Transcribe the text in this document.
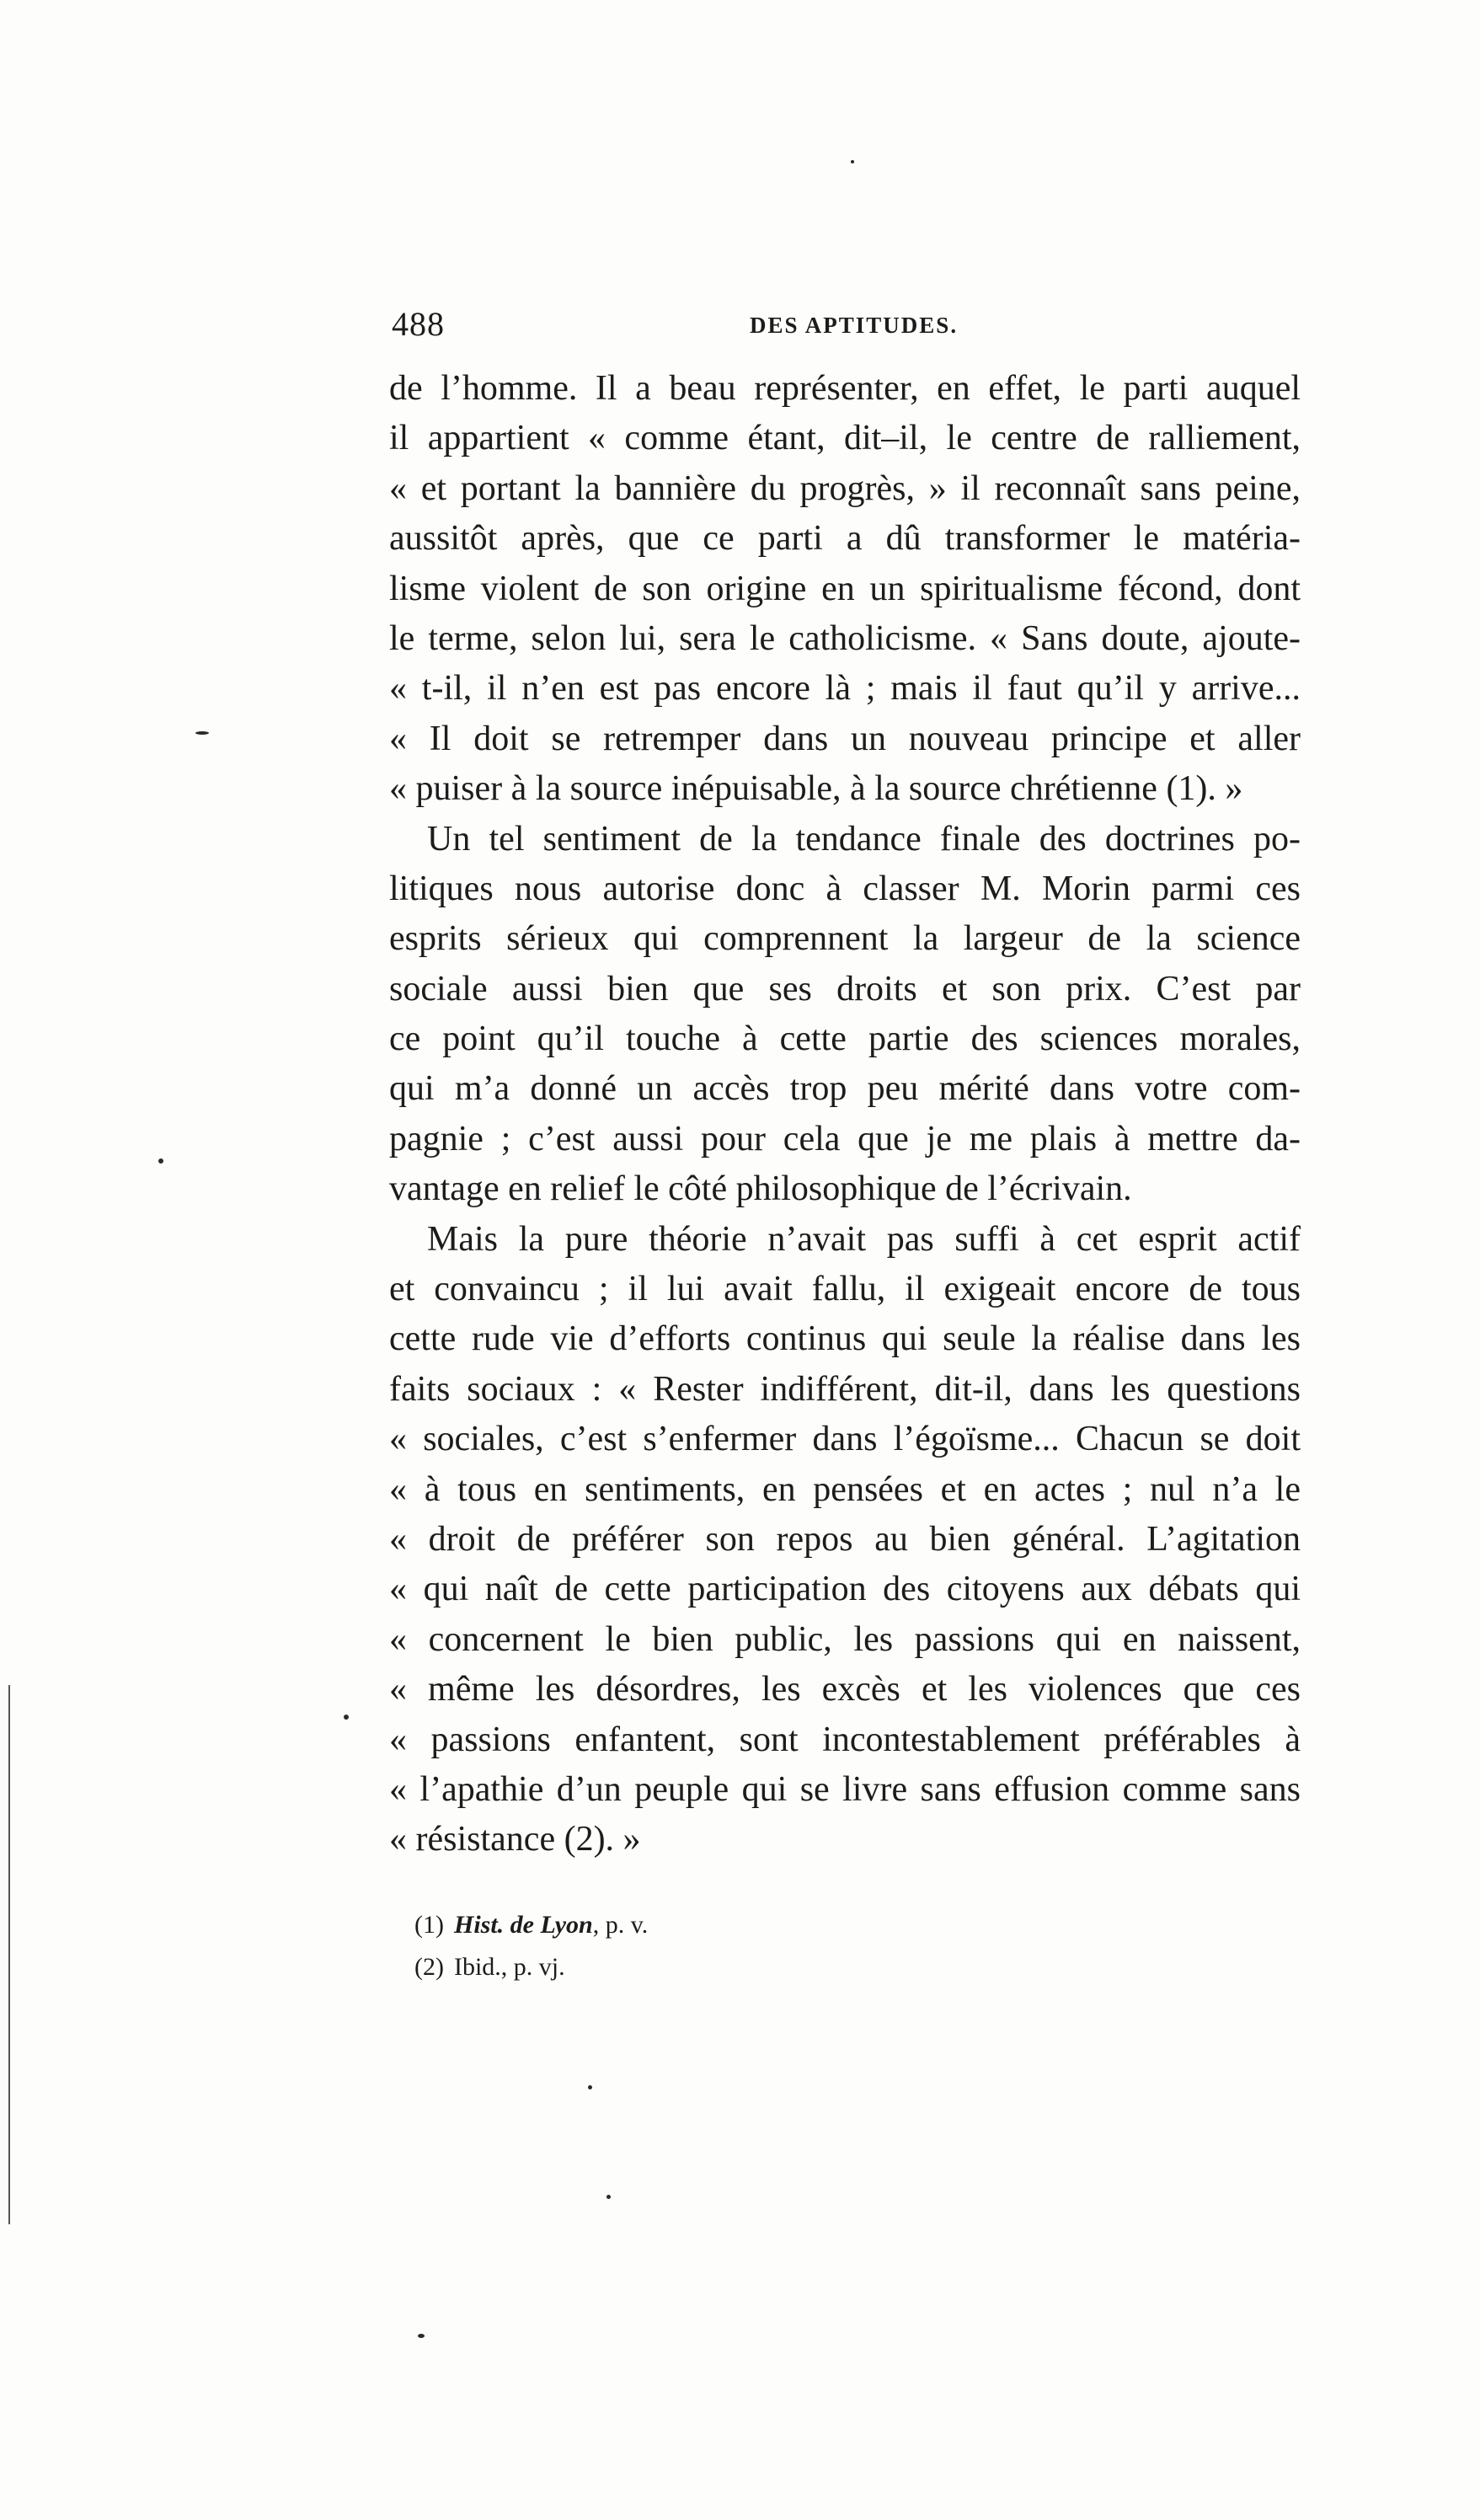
488	DES APTITUDES.
de l’homme. Il a beau représenter, en effet, le parti auquel
il appartient « comme étant, dit–il, le centre de ralliement,
« et portant la bannière du progrès, » il reconnaît sans peine,
aussitôt après, que ce parti a dû transformer le matéria-
lisme violent de son origine en un spiritualisme fécond, dont
le terme, selon lui, sera le catholicisme. « Sans doute, ajoute-
« t-il, il n’en est pas encore là ; mais il faut qu’il y arrive...
« Il doit se retremper dans un nouveau principe et aller
« puiser à la source inépuisable, à la source chrétienne (1). »
Un tel sentiment de la tendance finale des doctrines po-
litiques nous autorise donc à classer M. Morin parmi ces
esprits sérieux qui comprennent la largeur de la science
sociale aussi bien que ses droits et son prix. C’est par
ce point qu’il touche à cette partie des sciences morales,
qui m’a donné un accès trop peu mérité dans votre com-
pagnie ; c’est aussi pour cela que je me plais à mettre da-
vantage en relief le côté philosophique de l’écrivain.
Mais la pure théorie n’avait pas suffi à cet esprit actif
et convaincu ; il lui avait fallu, il exigeait encore de tous
cette rude vie d’efforts continus qui seule la réalise dans les
faits sociaux : « Rester indifférent, dit-il, dans les questions
« sociales, c’est s’enfermer dans l’égoïsme... Chacun se doit
« à tous en sentiments, en pensées et en actes ; nul n’a le
« droit de préférer son repos au bien général. L’agitation
« qui naît de cette participation des citoyens aux débats qui
« concernent le bien public, les passions qui en naissent,
« même les désordres, les excès et les violences que ces
« passions enfantent, sont incontestablement préférables à
« l’apathie d’un peuple qui se livre sans effusion comme sans
« résistance (2). »
(1) Hist. de Lyon, p. v.
(2) Ibid., p. vj.
